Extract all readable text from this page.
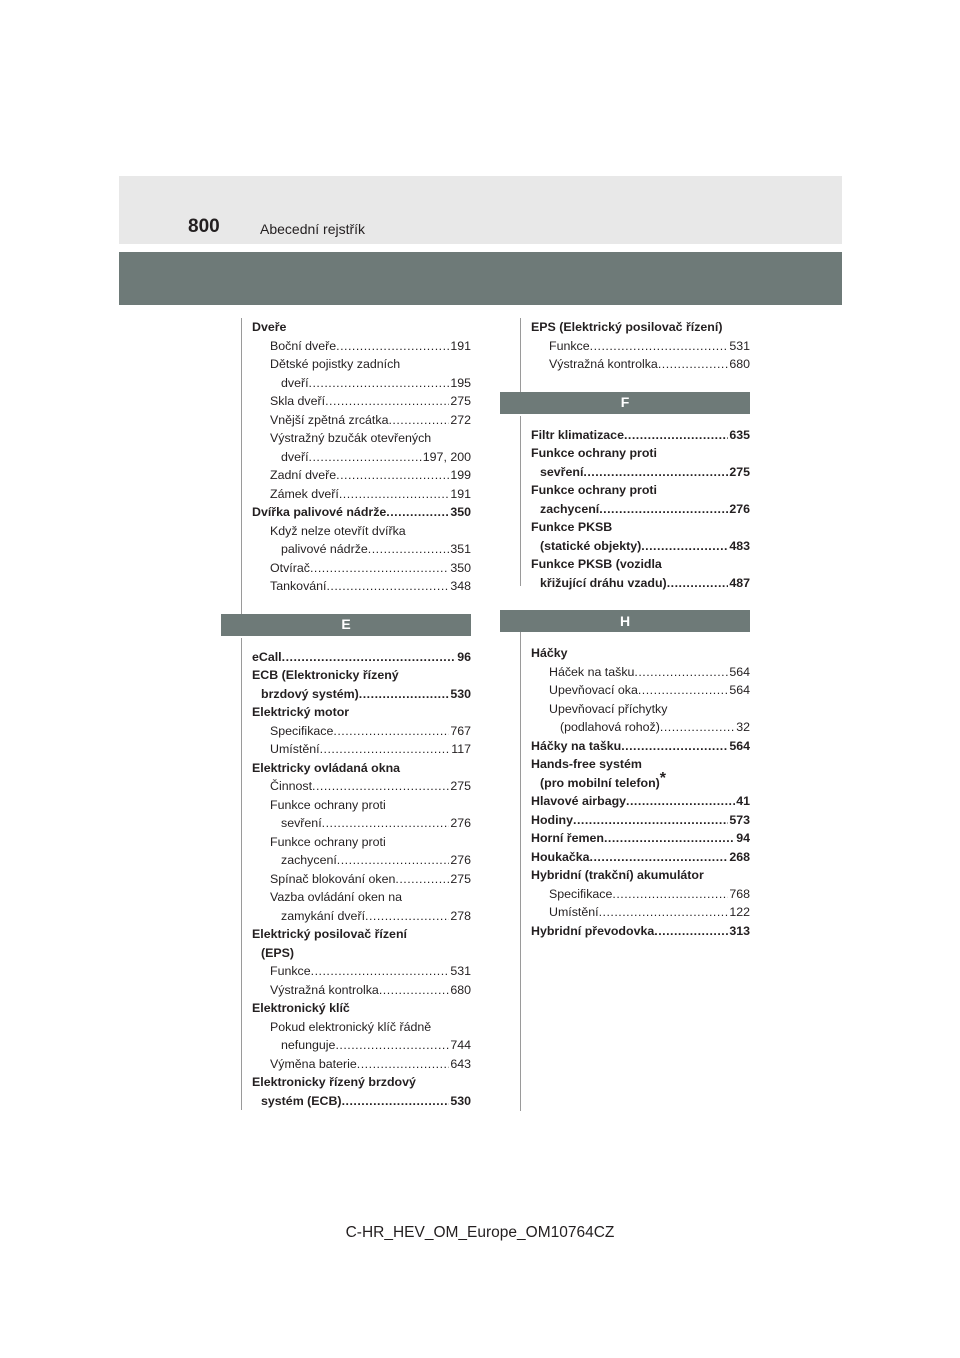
800	Abecední rejstřík
Dveře
Boční dveře .....	191
Dětské pojistky zadních
dveří .....	195
Skla dveří .....	275
Vnější zpětná zrcátka .....	272
Výstražný bzučák otevřených
dveří .....	197, 200
Zadní dveře .....	199
Zámek dveří .....	191
Dvířka palivové nádrže .....	350
Když nelze otevřít dvířka
palivové nádrže .....	351
Otvírač .....	350
Tankování .....	348
E
eCall .....	96
ECB (Elektronicky řízený
brzdový systém) .....	530
Elektrický motor
Specifikace .....	767
Umístění .....	117
Elektricky ovládaná okna
Činnost .....	275
Funkce ochrany proti
sevření .....	276
Funkce ochrany proti
zachycení .....	276
Spínač blokování oken .....	275
Vazba ovládání oken na
zamykání dveří .....	278
Elektrický posilovač řízení
(EPS)
Funkce .....	531
Výstražná kontrolka .....	680
Elektronický klíč
Pokud elektronický klíč řádně
nefunguje .....	744
Výměna baterie .....	643
Elektronicky řízený brzdový
systém (ECB) .....	530
EPS (Elektrický posilovač řízení)
Funkce .....	531
Výstražná kontrolka .....	680
F
Filtr klimatizace .....	635
Funkce ochrany proti
sevření .....	275
Funkce ochrany proti
zachycení .....	276
Funkce PKSB
(statické objekty) .....	483
Funkce PKSB (vozidla
křižující dráhu vzadu) .....	487
H
Háčky
Háček na tašku .....	564
Upevňovací oka .....	564
Upevňovací příchytky
(podlahová rohož) .....	32
Háčky na tašku .....	564
Hands-free systém
(pro mobilní telefon) *
Hlavové airbagy .....	41
Hodiny .....	573
Horní řemen .....	94
Houkačka .....	268
Hybridní (trakční) akumulátor
Specifikace .....	768
Umístění .....	122
Hybridní převodovka .....	313
C-HR_HEV_OM_Europe_OM10764CZ
